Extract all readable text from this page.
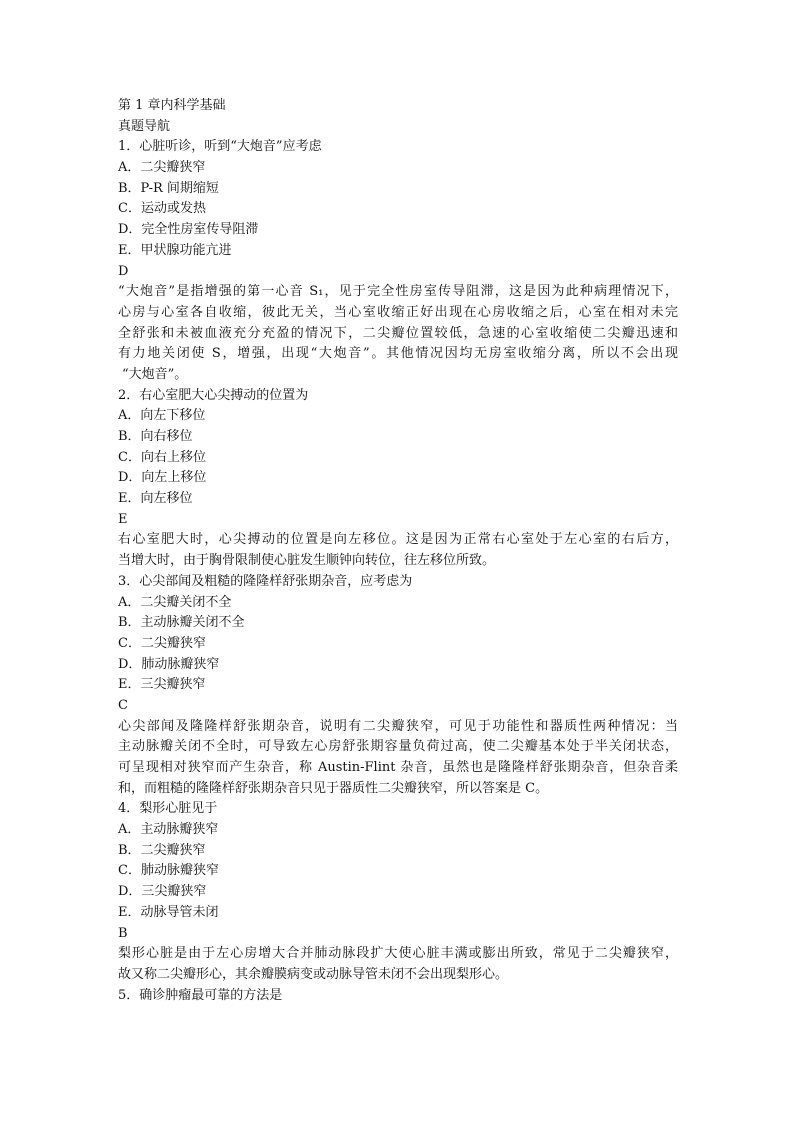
第 1 章内科学基础
真题导航
1．心脏听诊，听到“大炮音”应考虑
A．二尖瓣狭窄
B．P-R 间期缩短
C．运动或发热
D．完全性房室传导阻滞
E．甲状腺功能亢进
D
“大炮音”是指增强的第一心音 S₁，见于完全性房室传导阻滞，这是因为此种病理情况下，
心房与心室各自收缩，彼此无关，当心室收缩正好出现在心房收缩之后，心室在相对未完
全舒张和未被血液充分充盈的情况下，二尖瓣位置较低，急速的心室收缩使二尖瓣迅速和
有力地关闭使 S，增强，出现“大炮音”。其他情况因均无房室收缩分离，所以不会出现
“大炮音”。
2．右心室肥大心尖搏动的位置为
A．向左下移位
B．向右移位
C．向右上移位
D．向左上移位
E．向左移位
E
右心室肥大时，心尖搏动的位置是向左移位。这是因为正常右心室处于左心室的右后方，
当增大时，由于胸骨限制使心脏发生顺钟向转位，往左移位所致。
3．心尖部闻及粗糙的隆隆样舒张期杂音，应考虑为
A．二尖瓣关闭不全
B．主动脉瓣关闭不全
C．二尖瓣狭窄
D．肺动脉瓣狭窄
E．三尖瓣狭窄
C
心尖部闻及隆隆样舒张期杂音，说明有二尖瓣狭窄，可见于功能性和器质性两种情况：当
主动脉瓣关闭不全时，可导致左心房舒张期容量负荷过高，使二尖瓣基本处于半关闭状态，
可呈现相对狭窄而产生杂音，称 Austin-Flint 杂音，虽然也是隆隆样舒张期杂音，但杂音柔
和，而粗糙的隆隆样舒张期杂音只见于器质性二尖瓣狭窄，所以答案是 C。
4．梨形心脏见于
A．主动脉瓣狭窄
B．二尖瓣狭窄
C．肺动脉瓣狭窄
D．三尖瓣狭窄
E．动脉导管未闭
B
梨形心脏是由于左心房增大合并肺动脉段扩大使心脏丰满或膨出所致，常见于二尖瓣狭窄，
故又称二尖瓣形心，其余瓣膜病变或动脉导管未闭不会出现梨形心。
5．确诊肿瘤最可靠的方法是
